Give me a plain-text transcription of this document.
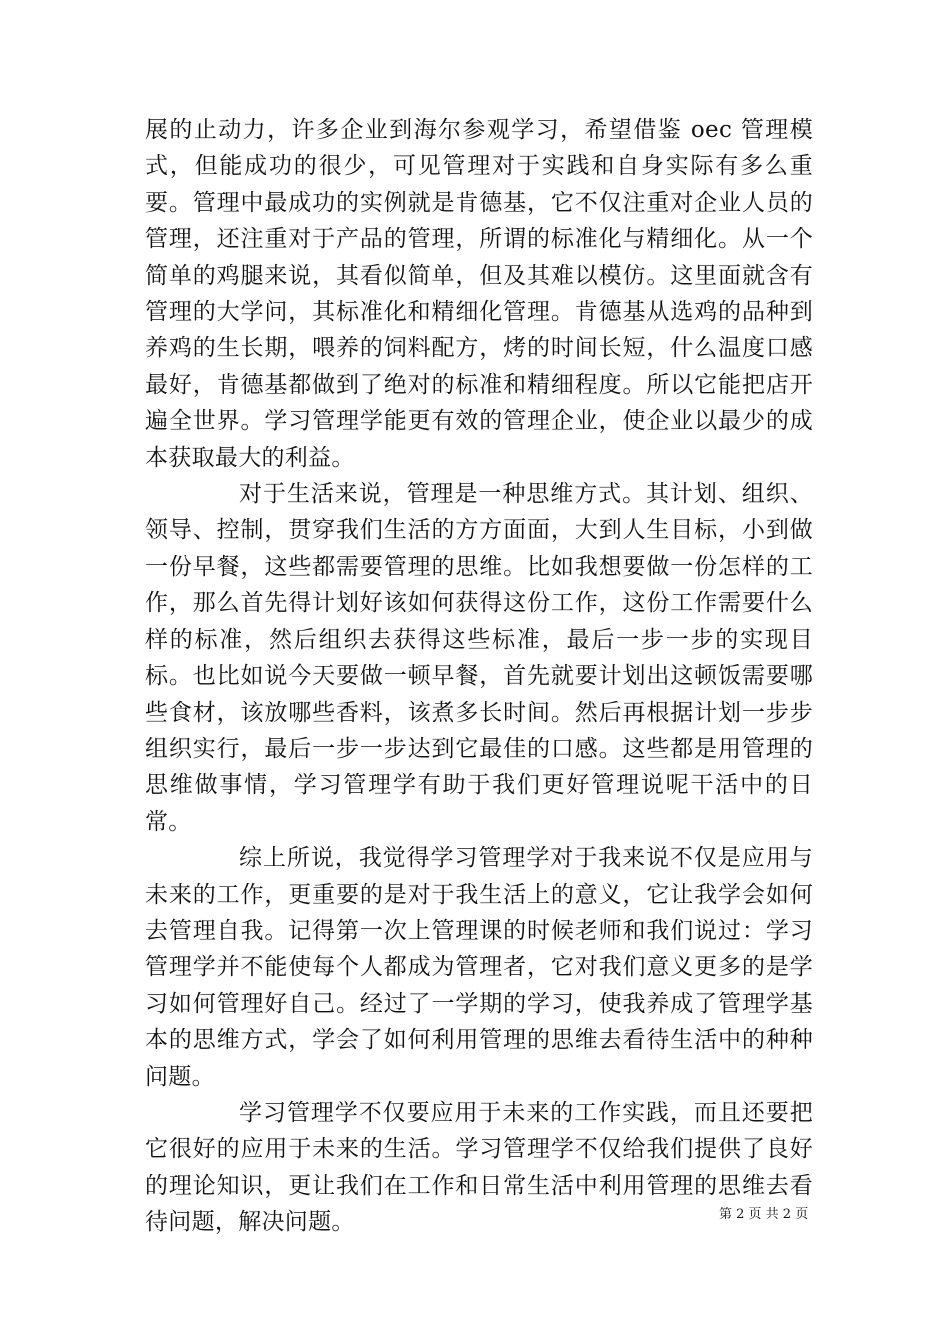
展的止动力，许多企业到海尔参观学习，希望借鉴 oec 管理模式，但能成功的很少，可见管理对于实践和自身实际有多么重要。管理中最成功的实例就是肯德基，它不仅注重对企业人员的管理，还注重对于产品的管理，所谓的标准化与精细化。从一个简单的鸡腿来说，其看似简单，但及其难以模仿。这里面就含有管理的大学问，其标准化和精细化管理。肯德基从选鸡的品种到养鸡的生长期，喂养的饲料配方，烤的时间长短，什么温度口感最好，肯德基都做到了绝对的标准和精细程度。所以它能把店开遍全世界。学习管理学能更有效的管理企业，使企业以最少的成本获取最大的利益。

对于生活来说，管理是一种思维方式。其计划、组织、领导、控制，贯穿我们生活的方方面面，大到人生目标，小到做一份早餐，这些都需要管理的思维。比如我想要做一份怎样的工作，那么首先得计划好该如何获得这份工作，这份工作需要什么样的标准，然后组织去获得这些标准，最后一步一步的实现目标。也比如说今天要做一顿早餐，首先就要计划出这顿饭需要哪些食材，该放哪些香料，该煮多长时间。然后再根据计划一步步组织实行，最后一步一步达到它最佳的口感。这些都是用管理的思维做事情，学习管理学有助于我们更好管理说呢干活中的日常。

综上所说，我觉得学习管理学对于我来说不仅是应用与未来的工作，更重要的是对于我生活上的意义，它让我学会如何去管理自我。记得第一次上管理课的时候老师和我们说过：学习管理学并不能使每个人都成为管理者，它对我们意义更多的是学习如何管理好自己。经过了一学期的学习，使我养成了管理学基本的思维方式，学会了如何利用管理的思维去看待生活中的种种问题。

学习管理学不仅要应用于未来的工作实践，而且还要把它很好的应用于未来的生活。学习管理学不仅给我们提供了良好的理论知识，更让我们在工作和日常生活中利用管理的思维去看待问题，解决问题。	第 2 页 共 2 页
